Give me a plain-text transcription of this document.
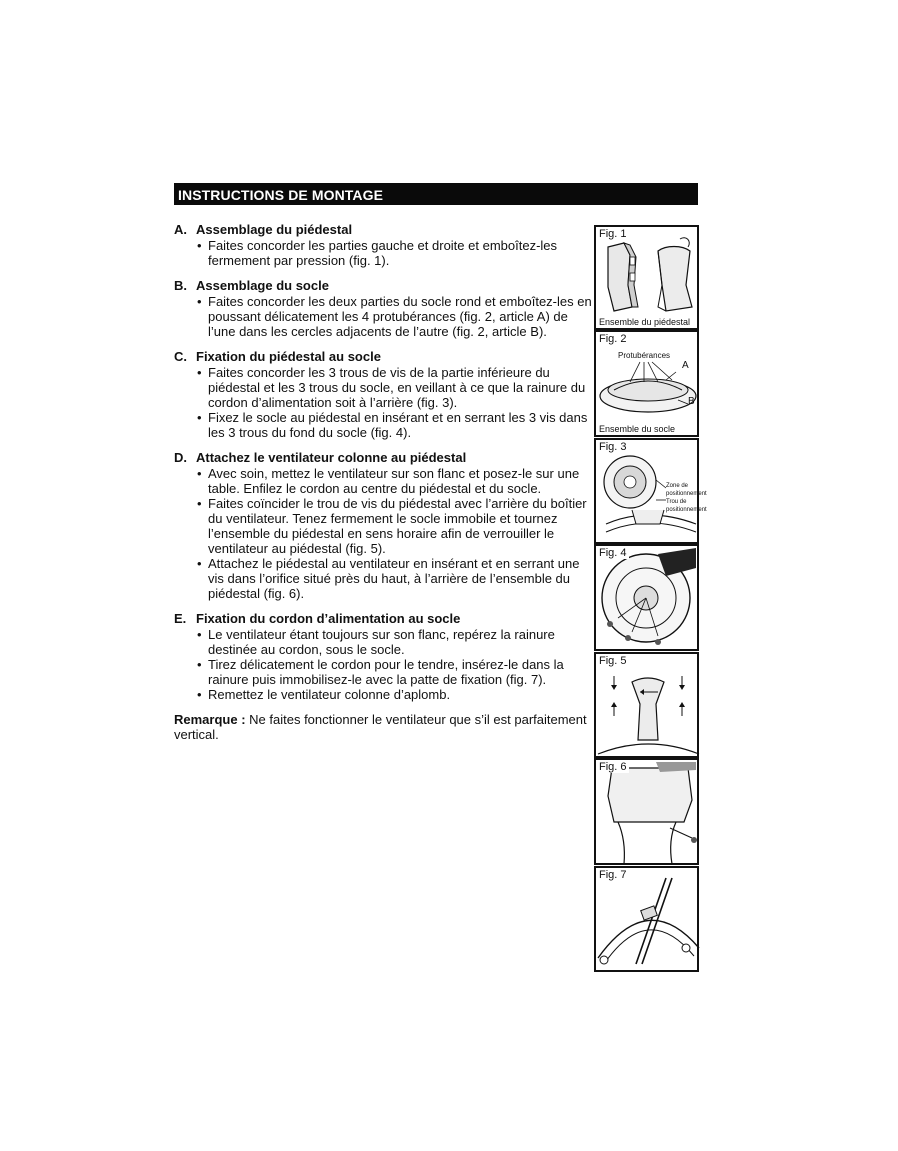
INSTRUCTIONS DE MONTAGE
A. Assemblage du piédestal
• Faites concorder les parties gauche et droite et emboîtez-les fermement par pression (fig. 1).
B. Assemblage du socle
• Faites concorder les deux parties du socle rond et emboîtez-les en poussant délicatement les 4 protubérances (fig. 2, article A) de l’une dans les cercles adjacents de l’autre (fig. 2, article B).
C. Fixation du piédestal au socle
• Faites concorder les 3 trous de vis de la partie inférieure du piédestal et les 3 trous du socle, en veillant à ce que la rainure du cordon d’alimentation soit à l’arrière (fig. 3).
• Fixez le socle au piédestal en insérant et en serrant les 3 vis dans les 3 trous du fond du socle (fig. 4).
D. Attachez le ventilateur colonne au piédestal
• Avec soin, mettez le ventilateur sur son flanc et posez-le sur une table. Enfilez le cordon au centre du piédestal et du socle.
• Faites coïncider le trou de vis du piédestal avec l’arrière du boîtier du ventilateur. Tenez fermement le socle immobile et tournez l’ensemble du piédestal en sens horaire afin de verrouiller le ventilateur au piédestal (fig. 5).
• Attachez le piédestal au ventilateur en insérant et en serrant une vis dans l’orifice situé près du haut, à l’arrière de l’ensemble du piédestal (fig. 6).
E. Fixation du cordon d’alimentation au socle
• Le ventilateur étant toujours sur son flanc, repérez la rainure destinée au cordon, sous le socle.
• Tirez délicatement le cordon pour le tendre, insérez-le dans la rainure puis immobilisez-le avec la patte de fixation (fig. 7).
• Remettez le ventilateur colonne d’aplomb.
Remarque : Ne faites fonctionner le ventilateur que s’il est parfaitement vertical.
Fig. 1
Ensemble du piédestal
Fig. 2
Protubérances
A
B
Ensemble du socle
Fig. 3
Zone de positionnement
Trou de positionnement
Fig. 4
Fig. 5
Fig. 6
Fig. 7
